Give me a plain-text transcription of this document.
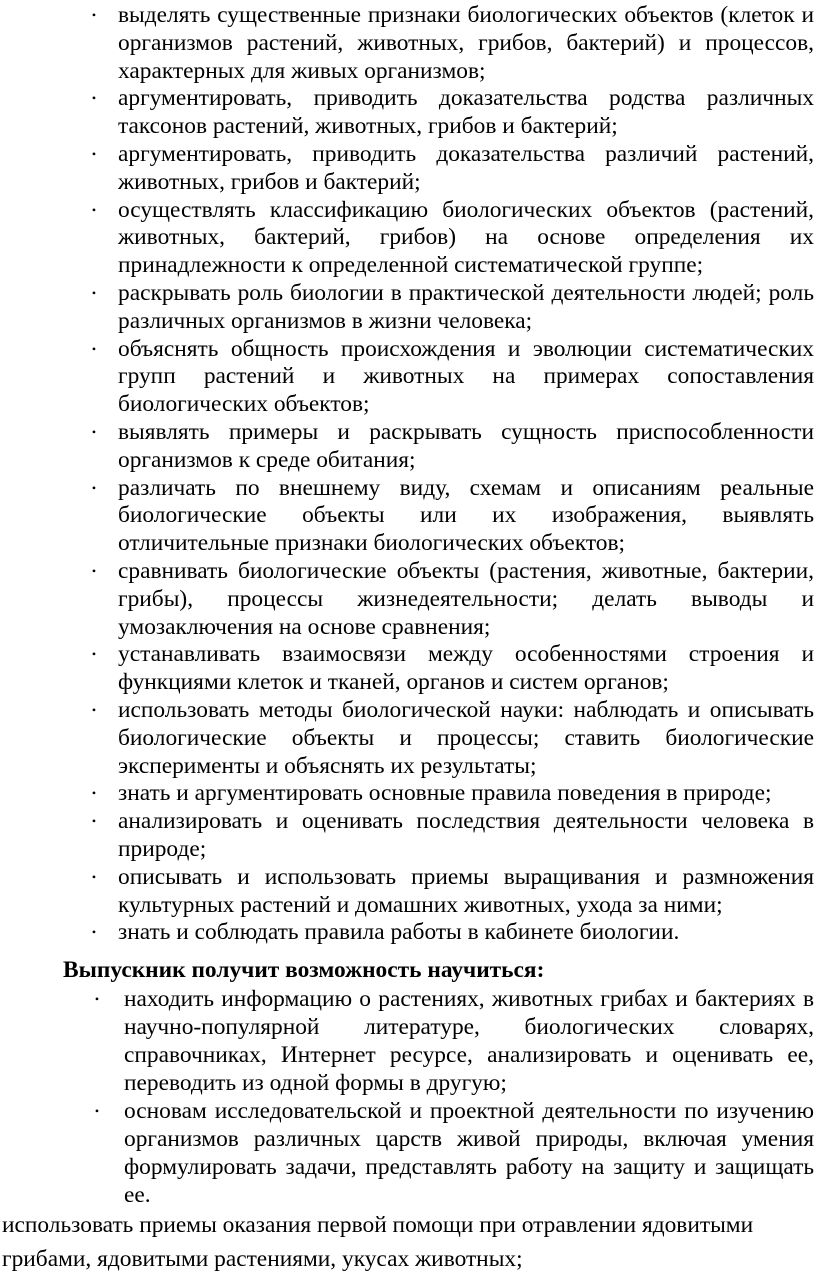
• выделять существенные признаки биологических объектов (клеток и организмов растений, животных, грибов, бактерий) и процессов, характерных для живых организмов;
• аргументировать, приводить доказательства родства различных таксонов растений, животных, грибов и бактерий;
• аргументировать, приводить доказательства различий растений, животных, грибов и бактерий;
• осуществлять классификацию биологических объектов (растений, животных, бактерий, грибов) на основе определения их принадлежности к определенной систематической группе;
• раскрывать роль биологии в практической деятельности людей; роль различных организмов в жизни человека;
• объяснять общность происхождения и эволюции систематических групп растений и животных на примерах сопоставления биологических объектов;
• выявлять примеры и раскрывать сущность приспособленности организмов к среде обитания;
• различать по внешнему виду, схемам и описаниям реальные биологические объекты или их изображения, выявлять отличительные признаки биологических объектов;
• сравнивать биологические объекты (растения, животные, бактерии, грибы), процессы жизнедеятельности; делать выводы и умозаключения на основе сравнения;
• устанавливать взаимосвязи между особенностями строения и функциями клеток и тканей, органов и систем органов;
• использовать методы биологической науки: наблюдать и описывать биологические объекты и процессы; ставить биологические эксперименты и объяснять их результаты;
• знать и аргументировать основные правила поведения в природе;
• анализировать и оценивать последствия деятельности человека в природе;
• описывать и использовать приемы выращивания и размножения культурных растений и домашних животных, ухода за ними;
• знать и соблюдать правила работы в кабинете биологии.
Выпускник получит возможность научиться:
• находить информацию о растениях, животных грибах и бактериях в научно-популярной литературе, биологических словарях, справочниках, Интернет ресурсе, анализировать и оценивать ее, переводить из одной формы в другую;
• основам исследовательской и проектной деятельности по изучению организмов различных царств живой природы, включая умения формулировать задачи, представлять работу на защиту и защищать ее.

использовать приемы оказания первой помощи при отравлении ядовитыми грибами, ядовитыми растениями, укусах животных;
